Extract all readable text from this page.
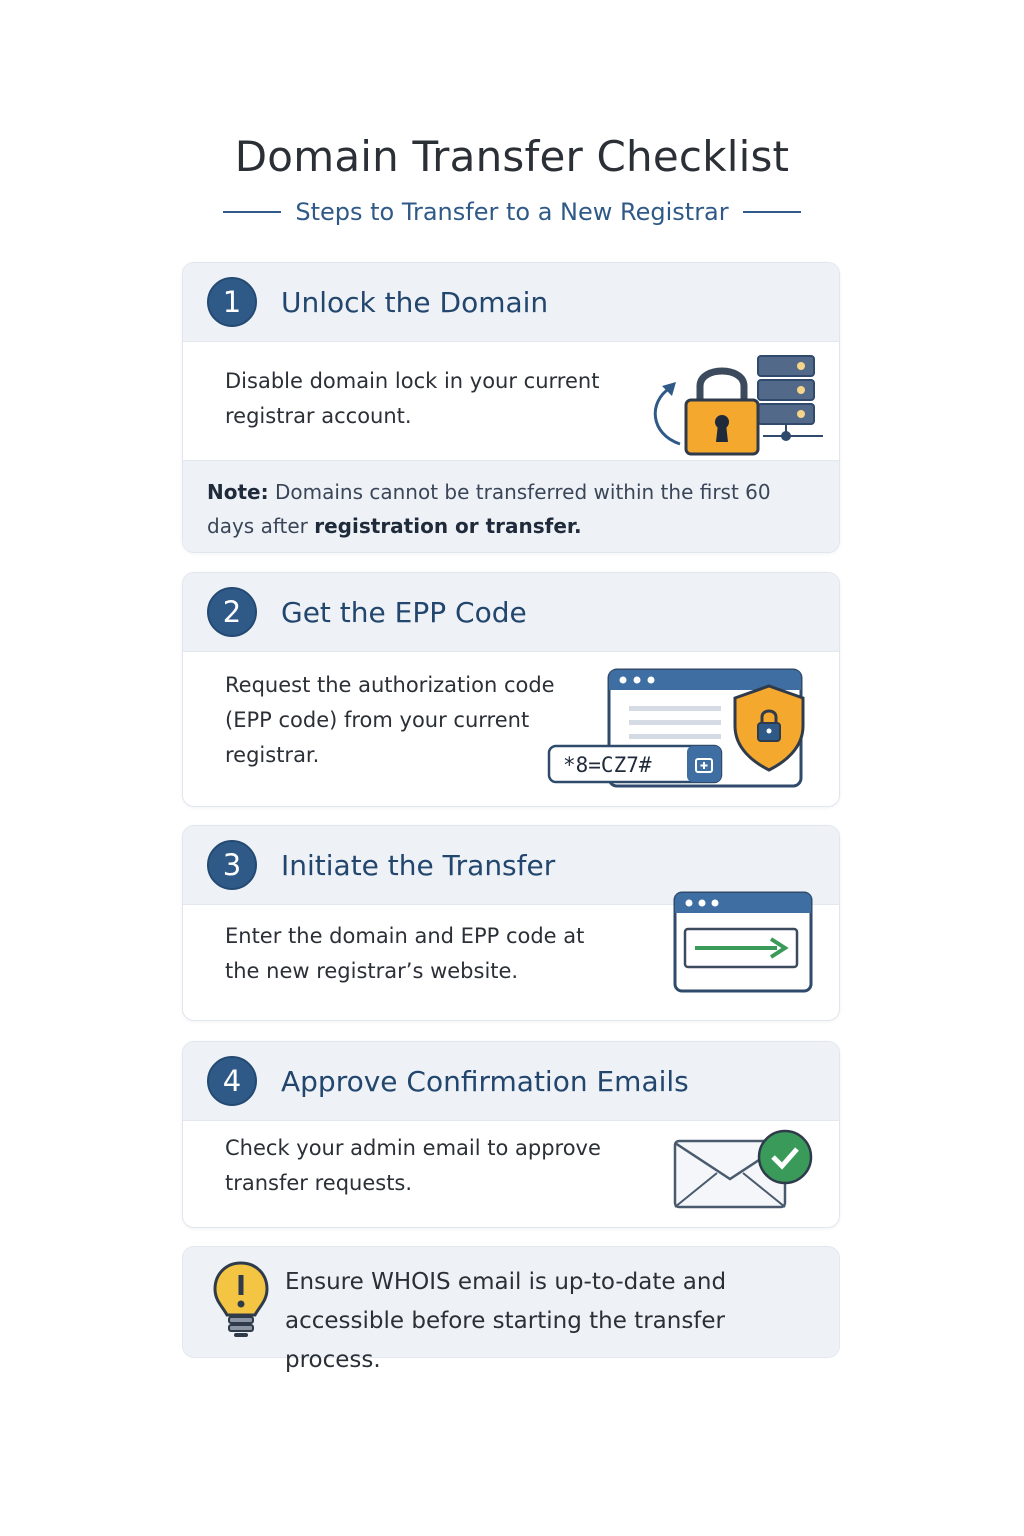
Domain Transfer Checklist
Steps to Transfer to a New Registrar
1	Unlock the Domain
Disable domain lock in your current registrar account.
Note: Domains cannot be transferred within the first 60 days after registration or transfer.
2	Get the EPP Code
Request the authorization code (EPP code) from your current registrar.	*8=CZ7#
3	Initiate the Transfer
Enter the domain and EPP code at the new registrar’s website.
4	Approve Confirmation Emails
Check your admin email to approve transfer requests.
Ensure WHOIS email is up-to-date and accessible before starting the transfer process.
